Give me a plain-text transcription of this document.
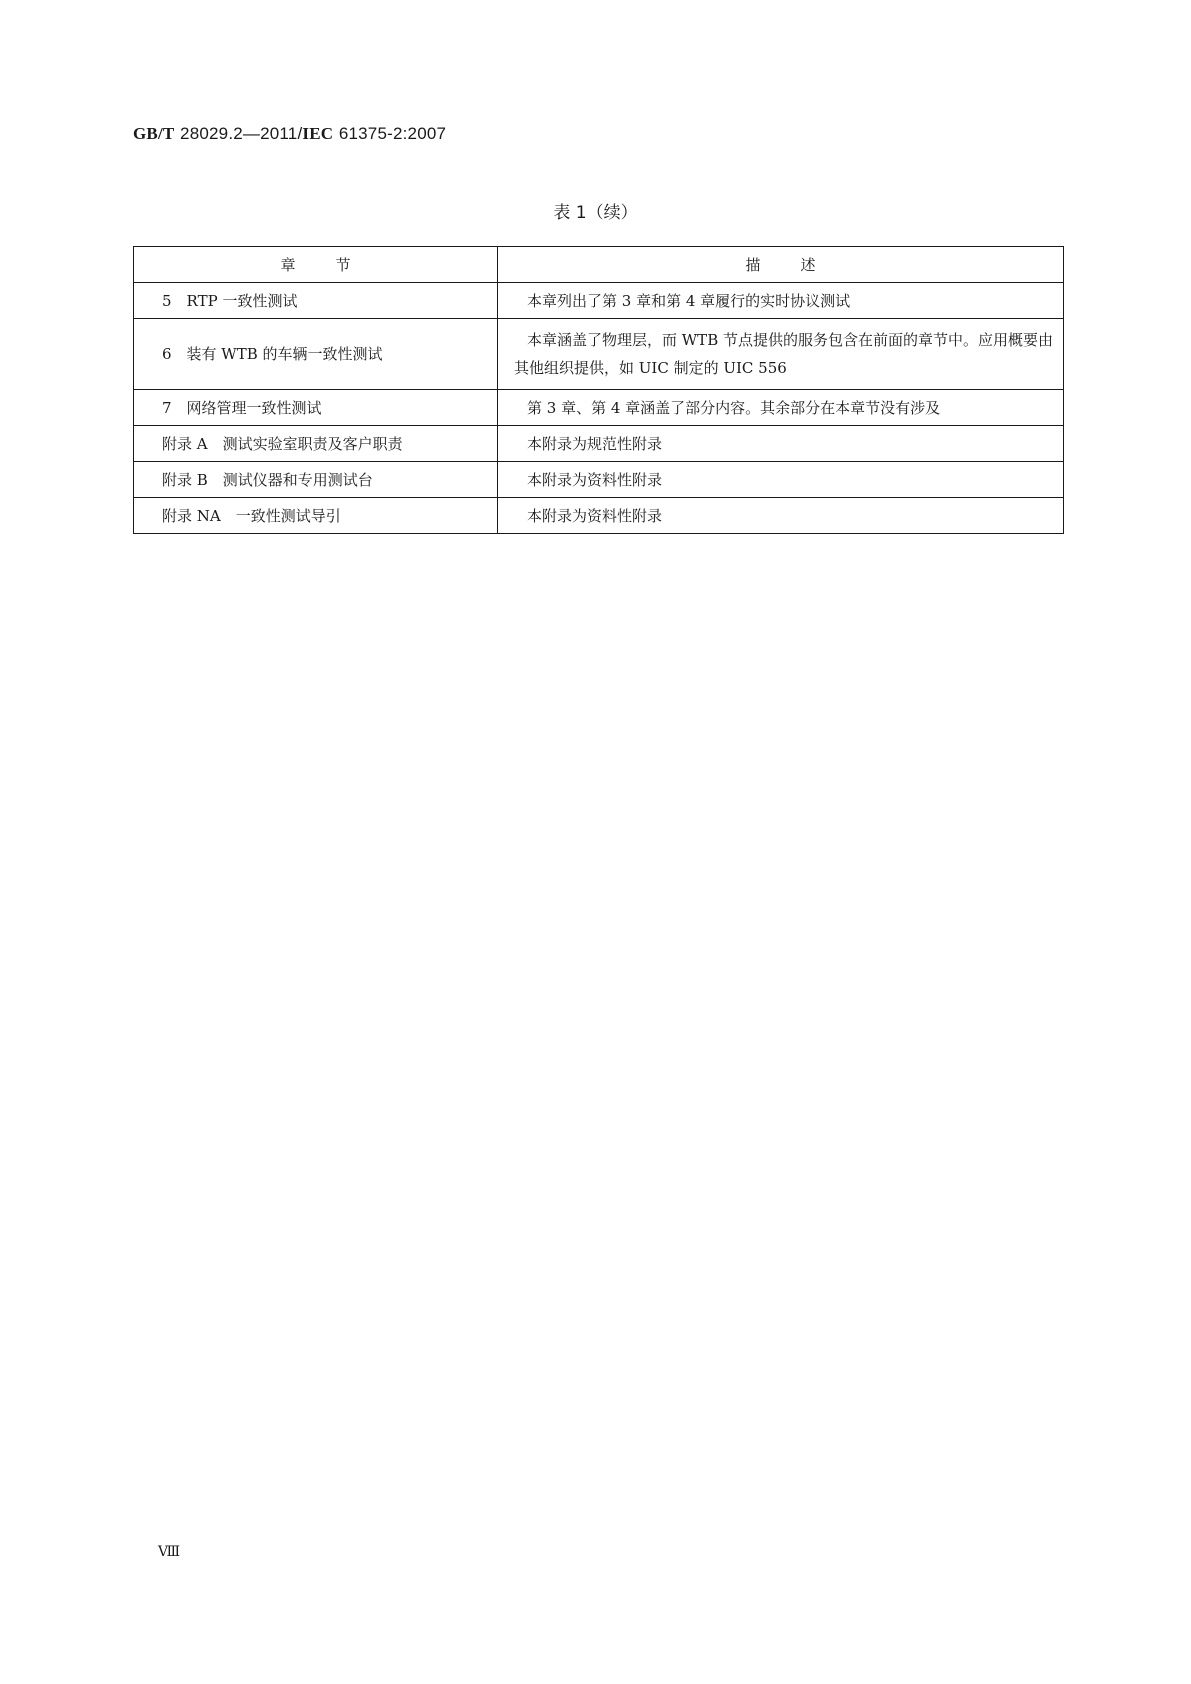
GB/T 28029.2—2011/IEC 61375-2:2007
表 1（续）
章节	描述
5　RTP 一致性测试	本章列出了第 3 章和第 4 章履行的实时协议测试
6　装有 WTB 的车辆一致性测试	本章涵盖了物理层，而 WTB 节点提供的服务包含在前面的章节中。应用概要由其他组织提供，如 UIC 制定的 UIC 556
7　网络管理一致性测试	第 3 章、第 4 章涵盖了部分内容。其余部分在本章节没有涉及
附录 A　测试实验室职责及客户职责	本附录为规范性附录
附录 B　测试仪器和专用测试台	本附录为资料性附录
附录 NA　一致性测试导引	本附录为资料性附录
Ⅷ
